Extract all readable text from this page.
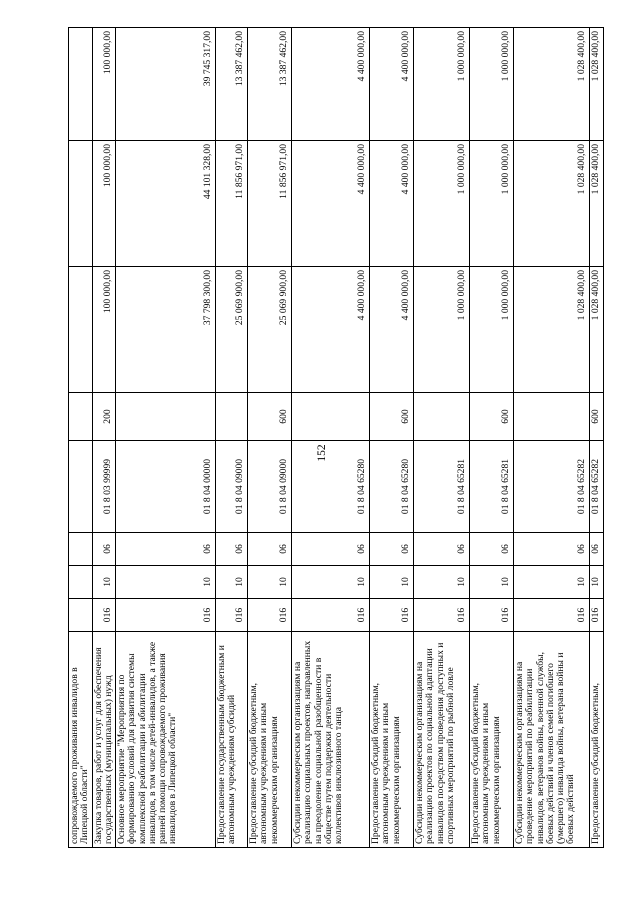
152
сопровождаемого проживания инвалидов в Липецкой области"								
Закупка товаров, работ и услуг для обеспечения государственных (муниципальных) нужд	016	10	06	01 8 03 99999	200	100 000,00	100 000,00	100 000,00
Основное мероприятие "Мероприятия по формированию условий для развития системы комплексной реабилитации и абилитации инвалидов, в том числе детей-инвалидов, а также ранней помощи сопровождаемого проживания инвалидов в Липецкой области"	016	10	06	01 8 04 00000		37 798 300,00	44 101 328,00	39 745 317,00
Предоставление государственным бюджетным и автономным учреждениям субсидий	016	10	06	01 8 04 09000		25 069 900,00	11 856 971,00	13 387 462,00
Предоставление субсидий бюджетным, автономным учреждениям и иным некоммерческим организациям	016	10	06	01 8 04 09000	600	25 069 900,00	11 856 971,00	13 387 462,00
Субсидии некоммерческим организациям на реализацию социальных проектов, направленных на преодоление социальной разобщенности в обществе путем поддержки деятельности коллективов инклюзивного танца	016	10	06	01 8 04 65280		4 400 000,00	4 400 000,00	4 400 000,00
Предоставление субсидий бюджетным, автономным учреждениям и иным некоммерческим организациям	016	10	06	01 8 04 65280	600	4 400 000,00	4 400 000,00	4 400 000,00
Субсидии некоммерческим организациям на реализацию проектов по социальной адаптации инвалидов посредством проведения доступных и спортивных мероприятий по рыбной ловле	016	10	06	01 8 04 65281		1 000 000,00	1 000 000,00	1 000 000,00
Предоставление субсидий бюджетным, автономным учреждениям и иным некоммерческим организациям	016	10	06	01 8 04 65281	600	1 000 000,00	1 000 000,00	1 000 000,00
Субсидии некоммерческим организациям на проведение мероприятий по реабилитации инвалидов, ветеранов войны, военной службы, боевых действий и членов семей погибшего (умершего) инвалида войны, ветерана войны и боевых действий	016	10	06	01 8 04 65282		1 028 400,00	1 028 400,00	1 028 400,00
Предоставление субсидий бюджетным,	016	10	06	01 8 04 65282	600	1 028 400,00	1 028 400,00	1 028 400,00
